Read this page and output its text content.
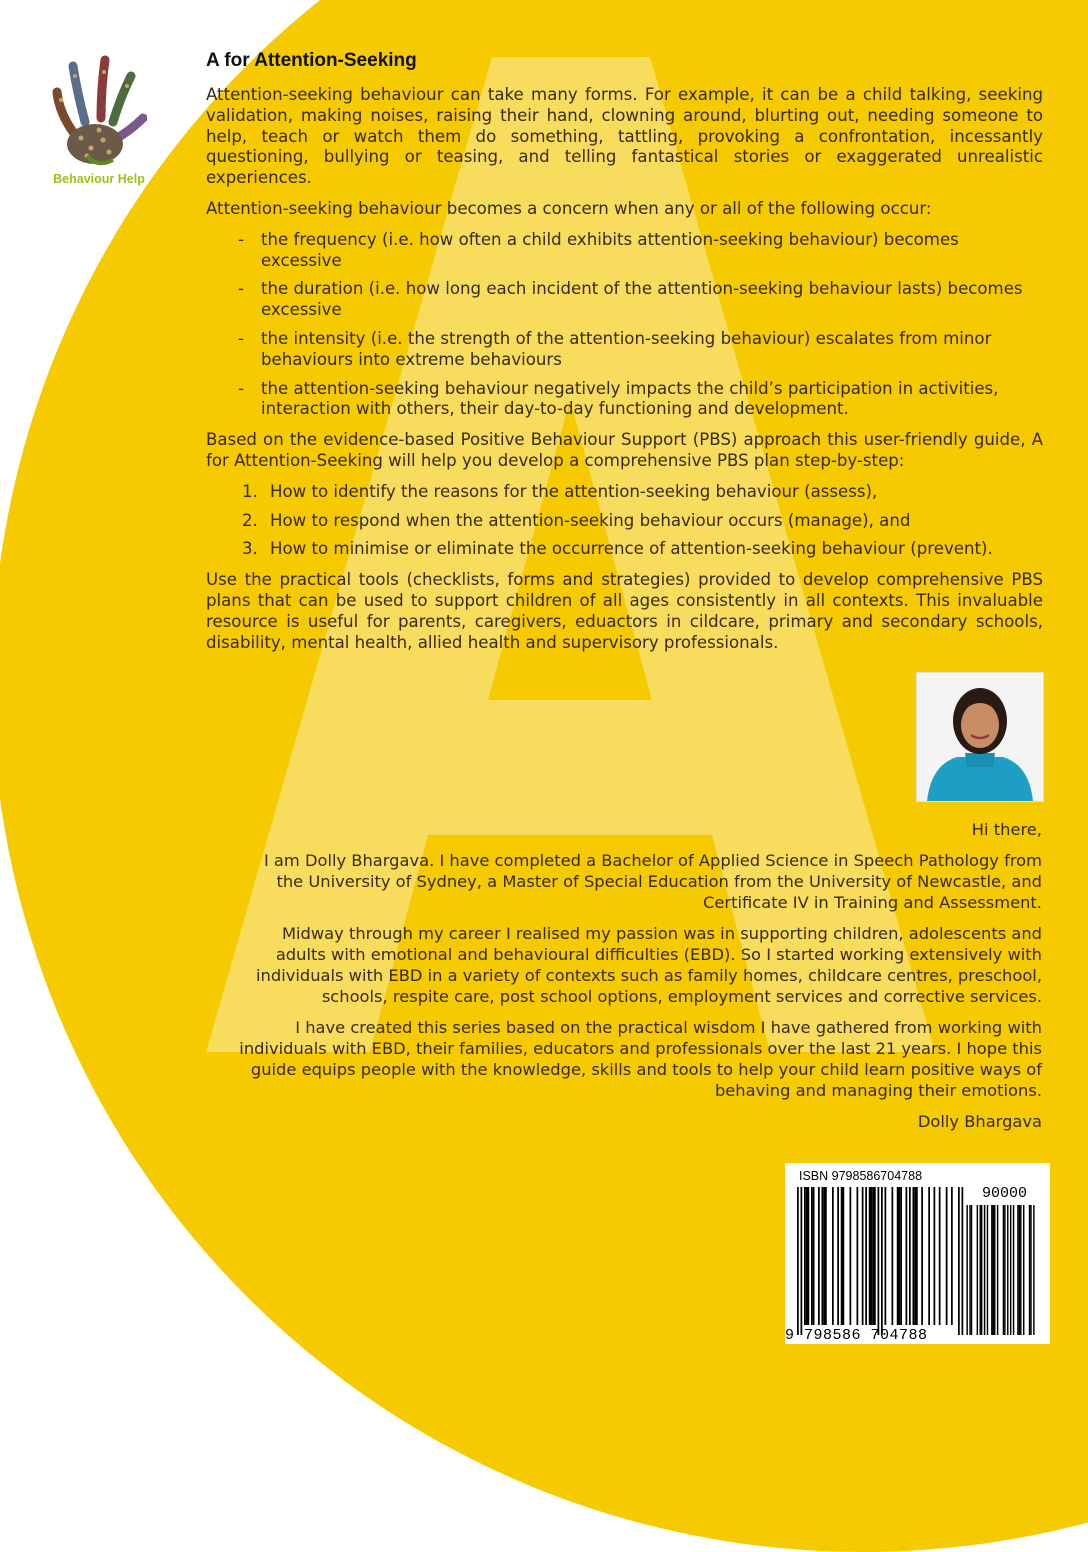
Behaviour Help
A for Attention-Seeking

Attention-seeking behaviour can take many forms. For example, it can be a child talking, seeking validation, making noises, raising their hand, clowning around, blurting out, needing someone to help, teach or watch them do something, tattling, provoking a confrontation, incessantly questioning, bullying or teasing, and telling fantastical stories or exaggerated unrealistic experiences.

Attention-seeking behaviour becomes a concern when any or all of the following occur:

- the frequency (i.e. how often a child exhibits attention-seeking behaviour) becomes excessive
- the duration (i.e. how long each incident of the attention-seeking behaviour lasts) becomes excessive
- the intensity (i.e. the strength of the attention-seeking behaviour) escalates from minor behaviours into extreme behaviours
- the attention-seeking behaviour negatively impacts the child’s participation in activities, interaction with others, their day-to-day functioning and development.

Based on the evidence-based Positive Behaviour Support (PBS) approach this user-friendly guide, A for Attention-Seeking will help you develop a comprehensive PBS plan step-by-step:

1. How to identify the reasons for the attention-seeking behaviour (assess),
2. How to respond when the attention-seeking behaviour occurs (manage), and
3. How to minimise or eliminate the occurrence of attention-seeking behaviour (prevent).

Use the practical tools (checklists, forms and strategies) provided to develop comprehensive PBS plans that can be used to support children of all ages consistently in all contexts. This invaluable resource is useful for parents, caregivers, eduactors in cildcare, primary and secondary schools, disability, mental health, allied health and supervisory professionals.

Hi there,

I am Dolly Bhargava. I have completed a Bachelor of Applied Science in Speech Pathology from the University of Sydney, a Master of Special Education from the University of Newcastle, and Certificate IV in Training and Assessment.

Midway through my career I realised my passion was in supporting children, adolescents and adults with emotional and behavioural difficulties (EBD). So I started working extensively with individuals with EBD in a variety of contexts such as family homes, childcare centres, preschool, schools, respite care, post school options, employment services and corrective services.

I have created this series based on the practical wisdom I have gathered from working with individuals with EBD, their families, educators and professionals over the last 21 years. I hope this guide equips people with the knowledge, skills and tools to help your child learn positive ways of behaving and managing their emotions.

Dolly Bhargava

ISBN 9798586704788
90000
9 798586 704788
